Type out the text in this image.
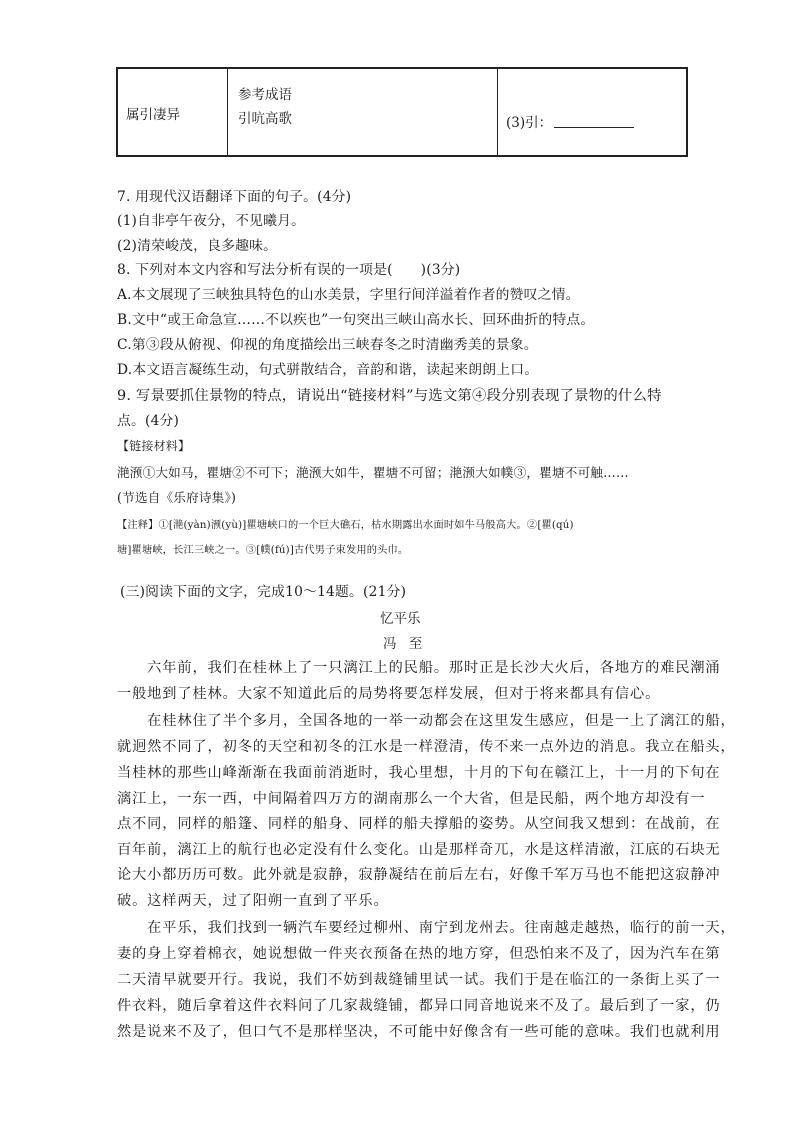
属引凄异
参考成语
引吭高歌	(3)引：
7. 用现代汉语翻译下面的句子。(4分)
(1)自非亭午夜分，不见曦月。
(2)清荣峻茂，良多趣味。
8. 下列对本文内容和写法分析有误的一项是(　　)(3分)
A.本文展现了三峡独具特色的山水美景，字里行间洋溢着作者的赞叹之情。
B.文中“或王命急宣……不以疾也”一句突出三峡山高水长、回环曲折的特点。
C.第③段从俯视、仰视的角度描绘出三峡春冬之时清幽秀美的景象。
D.本文语言凝练生动，句式骈散结合，音韵和谐，读起来朗朗上口。
9. 写景要抓住景物的特点，请说出“链接材料”与选文第④段分别表现了景物的什么特
点。(4分)
【链接材料】
滟滪①大如马，瞿塘②不可下；滟滪大如牛，瞿塘不可留；滟滪大如幞③，瞿塘不可触……
(节选自《乐府诗集》)
【注释】①[滟(yàn)滪(yù)]瞿塘峡口的一个巨大礁石，枯水期露出水面时如牛马般高大。②[瞿(qú)
塘]瞿塘峡，长江三峡之一。③[幞(fú)]古代男子束发用的头巾。
(三)阅读下面的文字，完成10～14题。(21分)
忆平乐
冯 至
　　六年前，我们在桂林上了一只漓江上的民船。那时正是长沙大火后，各地方的难民潮涌
一般地到了桂林。大家不知道此后的局势将要怎样发展，但对于将来都具有信心。
　　在桂林住了半个多月，全国各地的一举一动都会在这里发生感应，但是一上了漓江的船，
就迥然不同了，初冬的天空和初冬的江水是一样澄清，传不来一点外边的消息。我立在船头，
当桂林的那些山峰渐渐在我面前消逝时，我心里想，十月的下旬在赣江上，十一月的下旬在
漓江上，一东一西，中间隔着四万方的湖南那么一个大省，但是民船，两个地方却没有一
点不同，同样的船篷、同样的船身、同样的船夫撑船的姿势。从空间我又想到：在战前，在
百年前，漓江上的航行也必定没有什么变化。山是那样奇兀，水是这样清澈，江底的石块无
论大小都历历可数。此外就是寂静，寂静凝结在前后左右，好像千军万马也不能把这寂静冲
破。这样两天，过了阳朔一直到了平乐。
　　在平乐，我们找到一辆汽车要经过柳州、南宁到龙州去。往南越走越热，临行的前一天，
妻的身上穿着棉衣，她说想做一件夹衣预备在热的地方穿，但恐怕来不及了，因为汽车在第
二天清早就要开行。我说，我们不妨到裁缝铺里试一试。我们于是在临江的一条街上买了一
件衣料，随后拿着这件衣料问了几家裁缝铺，都异口同音地说来不及了。最后到了一家，仍
然是说来不及了，但口气不是那样坚决，不可能中好像含有一些可能的意味。我们也就利用
